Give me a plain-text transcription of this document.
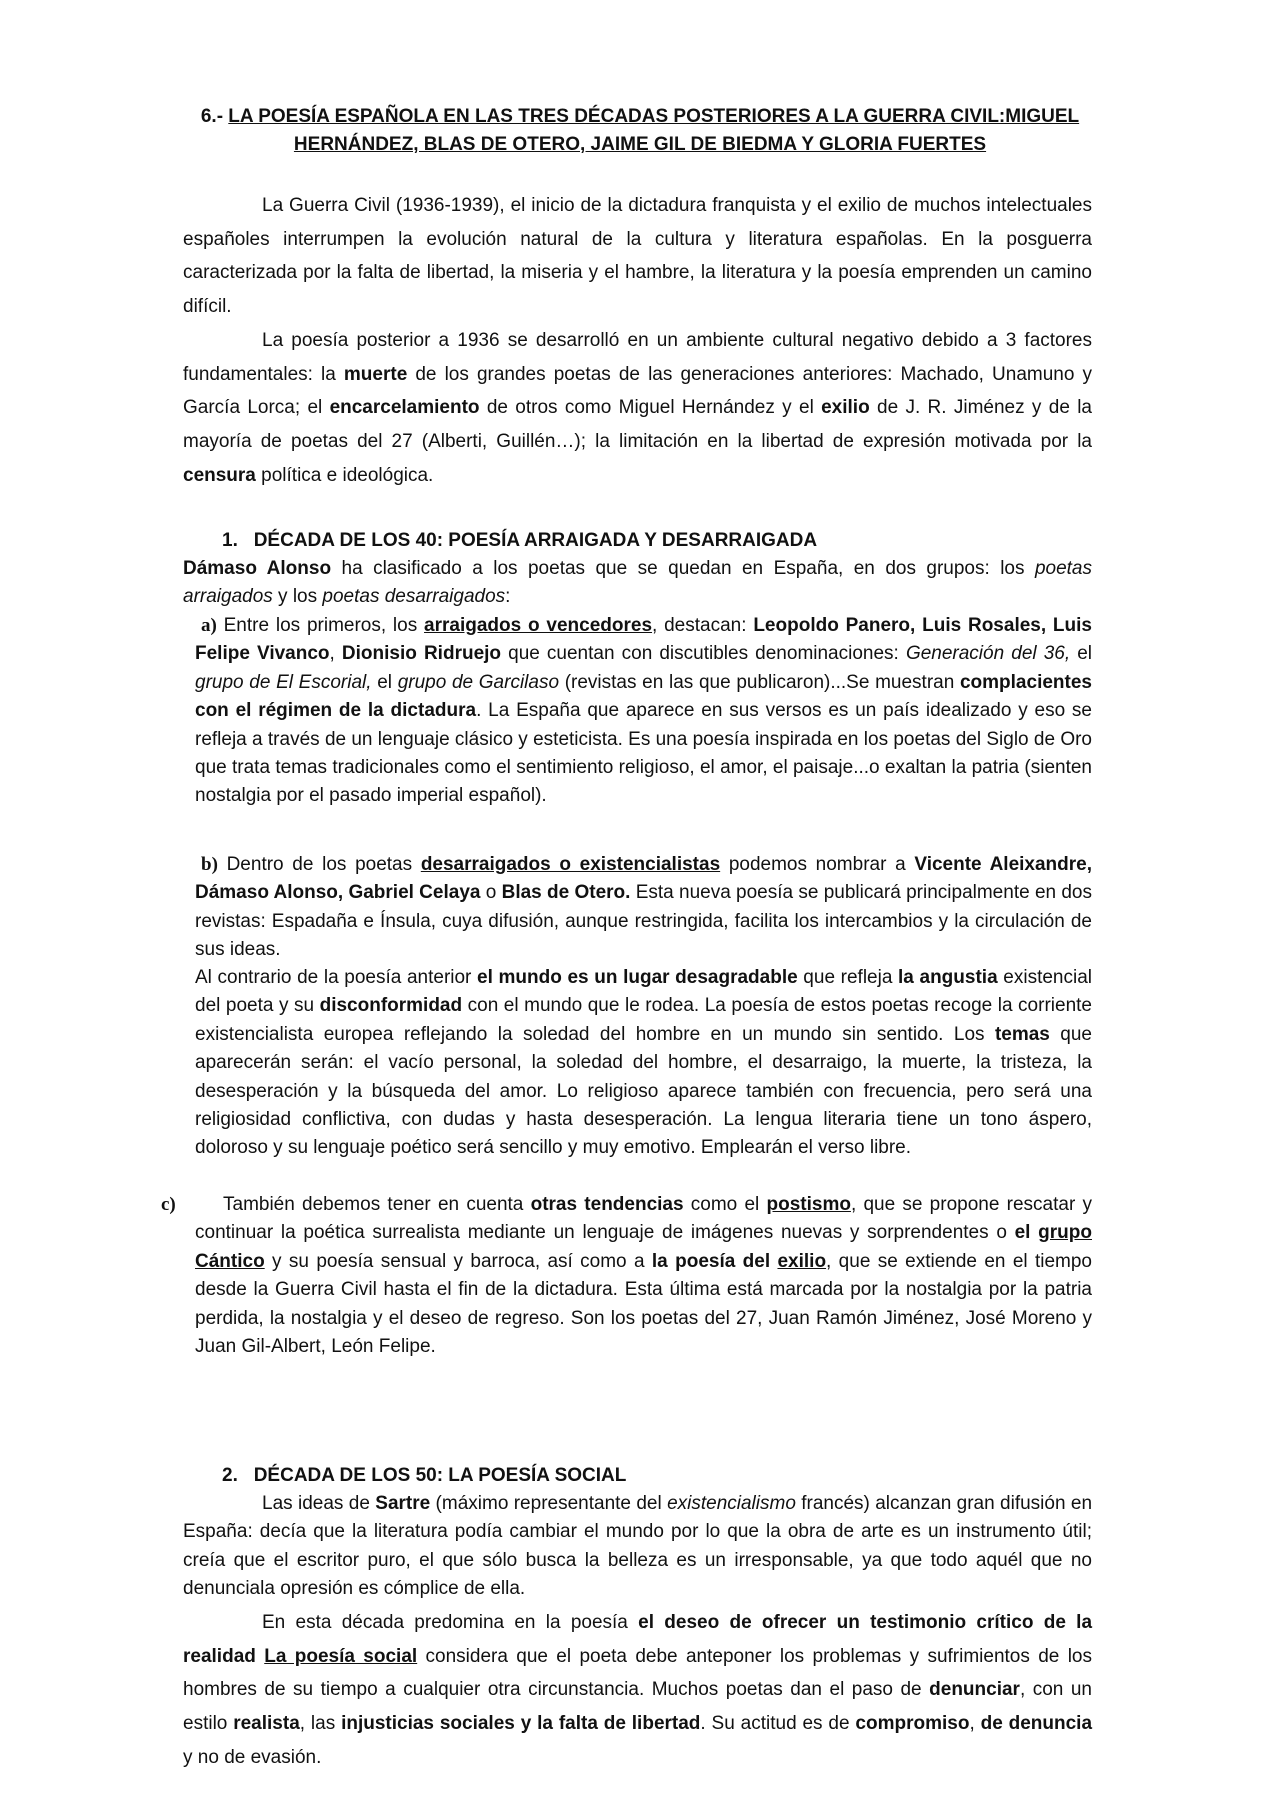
6.- LA POESÍA ESPAÑOLA EN LAS TRES DÉCADAS POSTERIORES A LA GUERRA CIVIL:MIGUEL
HERNÁNDEZ, BLAS DE OTERO, JAIME GIL DE BIEDMA Y GLORIA FUERTES

La Guerra Civil (1936-1939), el inicio de la dictadura franquista y el exilio de muchos intelectuales españoles interrumpen la evolución natural de la cultura y literatura españolas. En la posguerra caracterizada por la falta de libertad, la miseria y el hambre, la literatura y la poesía emprenden un camino difícil.

La poesía posterior a 1936 se desarrolló en un ambiente cultural negativo debido a 3 factores fundamentales: la muerte de los grandes poetas de las generaciones anteriores: Machado, Unamuno y García Lorca; el encarcelamiento de otros como Miguel Hernández y el exilio de J. R. Jiménez y de la mayoría de poetas del 27 (Alberti, Guillén…); la limitación en la libertad de expresión motivada por la censura política e ideológica.

1. DÉCADA DE LOS 40: POESÍA ARRAIGADA Y DESARRAIGADA

Dámaso Alonso ha clasificado a los poetas que se quedan en España, en dos grupos: los poetas arraigados y los poetas desarraigados:

a) Entre los primeros, los arraigados o vencedores, destacan: Leopoldo Panero, Luis Rosales, Luis Felipe Vivanco, Dionisio Ridruejo que cuentan con discutibles denominaciones: Generación del 36, el grupo de El Escorial, el grupo de Garcilaso (revistas en las que publicaron)...Se muestran complacientes con el régimen de la dictadura. La España que aparece en sus versos es un país idealizado y eso se refleja a través de un lenguaje clásico y esteticista. Es una poesía inspirada en los poetas del Siglo de Oro que trata temas tradicionales como el sentimiento religioso, el amor, el paisaje...o exaltan la patria (sienten nostalgia por el pasado imperial español).

b) Dentro de los poetas desarraigados o existencialistas podemos nombrar a Vicente Aleixandre, Dámaso Alonso, Gabriel Celaya o Blas de Otero. Esta nueva poesía se publicará principalmente en dos revistas: Espadaña e Ínsula, cuya difusión, aunque restringida, facilita los intercambios y la circulación de sus ideas.

Al contrario de la poesía anterior el mundo es un lugar desagradable que refleja la angustia existencial del poeta y su disconformidad con el mundo que le rodea. La poesía de estos poetas recoge la corriente existencialista europea reflejando la soledad del hombre en un mundo sin sentido. Los temas que aparecerán serán: el vacío personal, la soledad del hombre, el desarraigo, la muerte, la tristeza, la desesperación y la búsqueda del amor. Lo religioso aparece también con frecuencia, pero será una religiosidad conflictiva, con dudas y hasta desesperación. La lengua literaria tiene un tono áspero, doloroso y su lenguaje poético será sencillo y muy emotivo. Emplearán el verso libre.

c)	También debemos tener en cuenta otras tendencias como el postismo, que se propone rescatar y continuar la poética surrealista mediante un lenguaje de imágenes nuevas y sorprendentes o el grupo Cántico y su poesía sensual y barroca, así como a la poesía del exilio, que se extiende en el tiempo desde la Guerra Civil hasta el fin de la dictadura. Esta última está marcada por la nostalgia por la patria perdida, la nostalgia y el deseo de regreso. Son los poetas del 27, Juan Ramón Jiménez, José Moreno y Juan Gil-Albert, León Felipe.

2. DÉCADA DE LOS 50: LA POESÍA SOCIAL

Las ideas de Sartre (máximo representante del existencialismo francés) alcanzan gran difusión en España: decía que la literatura podía cambiar el mundo por lo que la obra de arte es un instrumento útil; creía que el escritor puro, el que sólo busca la belleza es un irresponsable, ya que todo aquél que no denunciala opresión es cómplice de ella.

En esta década predomina en la poesía el deseo de ofrecer un testimonio crítico de la realidad La poesía social considera que el poeta debe anteponer los problemas y sufrimientos de los hombres de su tiempo a cualquier otra circunstancia. Muchos poetas dan el paso de denunciar, con un estilo realista, las injusticias sociales y la falta de libertad. Su actitud es de compromiso, de denuncia y no de evasión.
